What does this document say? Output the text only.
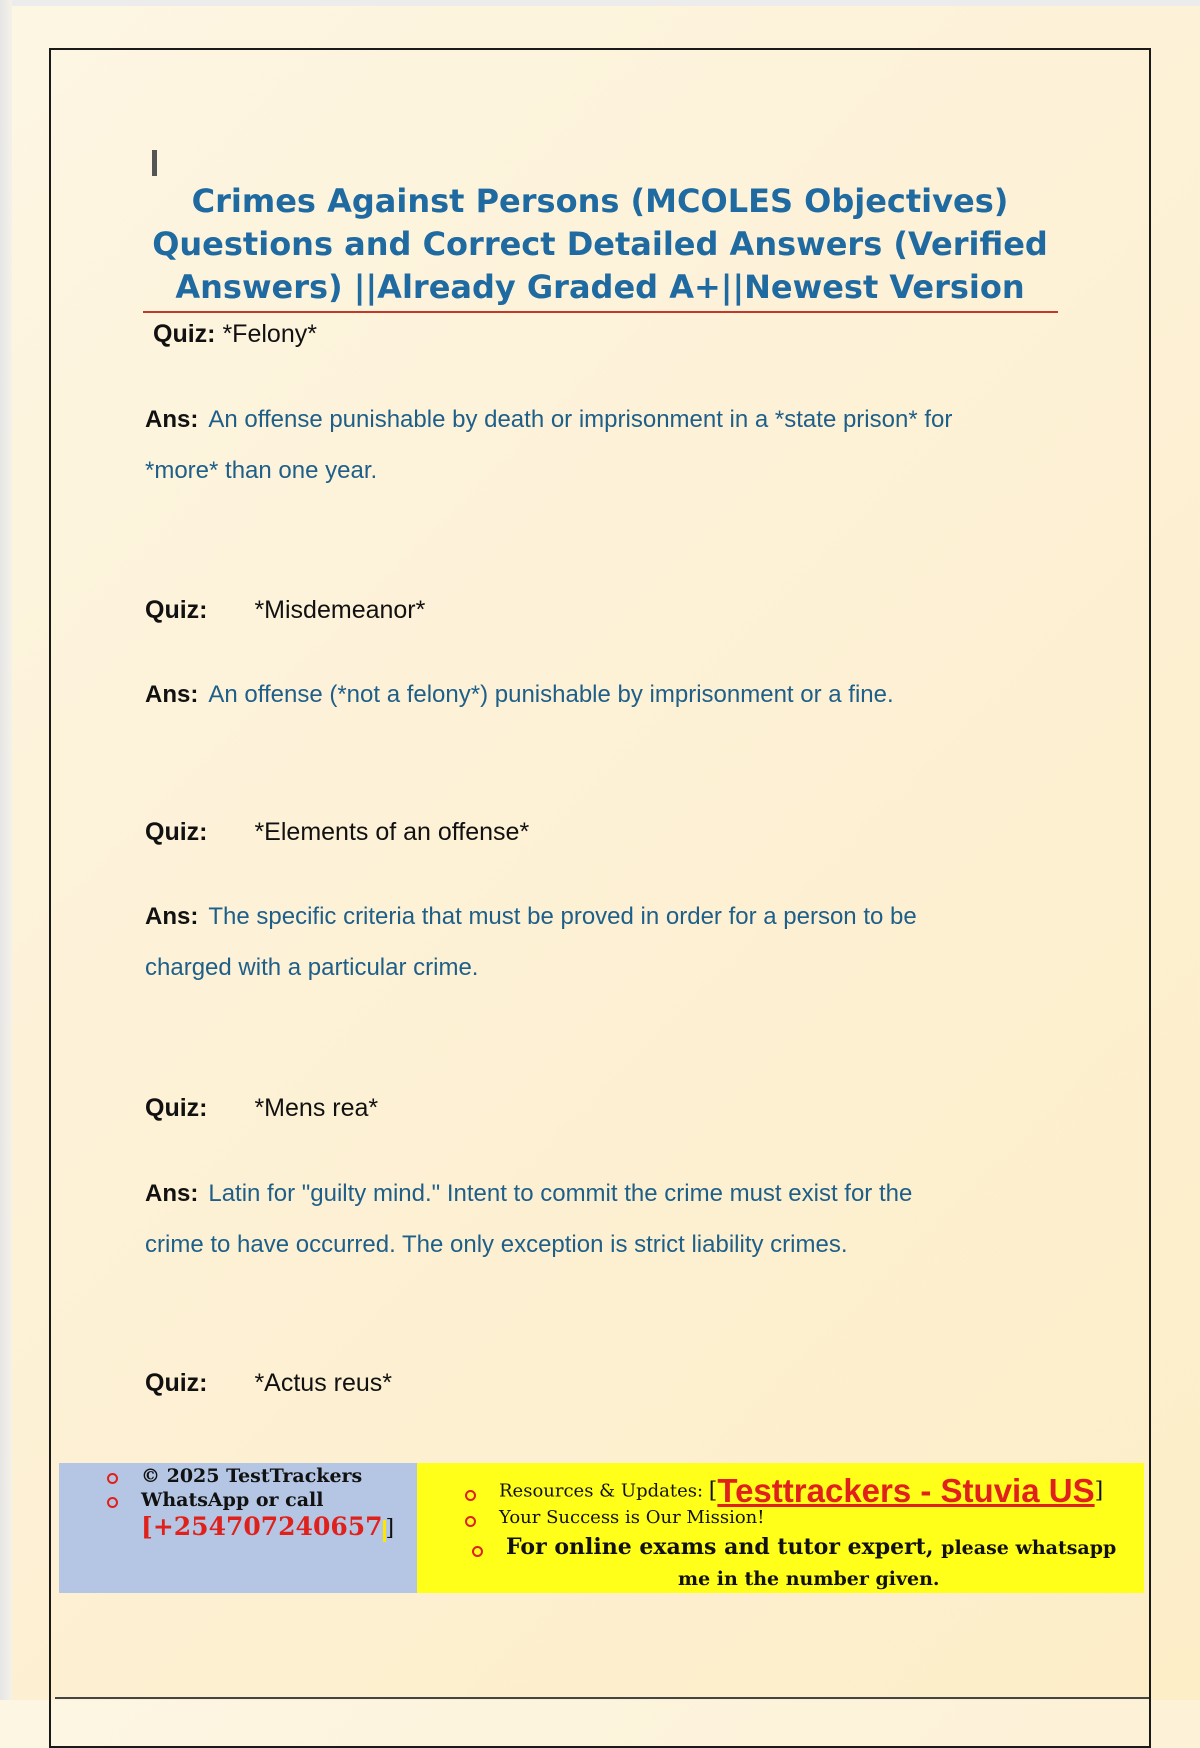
Crimes Against Persons (MCOLES Objectives)
Questions and Correct Detailed Answers (Verified
Answers) ||Already Graded A+||Newest Version
Quiz: *Felony*
Ans: An offense punishable by death or imprisonment in a *state prison* for
*more* than one year.
Quiz: *Misdemeanor*
Ans: An offense (*not a felony*) punishable by imprisonment or a fine.
Quiz: *Elements of an offense*
Ans: The specific criteria that must be proved in order for a person to be
charged with a particular crime.
Quiz: *Mens rea*
Ans: Latin for "guilty mind." Intent to commit the crime must exist for the
crime to have occurred. The only exception is strict liability crimes.
Quiz: *Actus reus*
© 2025 TestTrackers
WhatsApp or call
[+254707240657 ]
Resources & Updates: [Testtrackers - Stuvia US]
Your Success is Our Mission!
For online exams and tutor expert, please whatsapp
me in the number given.
